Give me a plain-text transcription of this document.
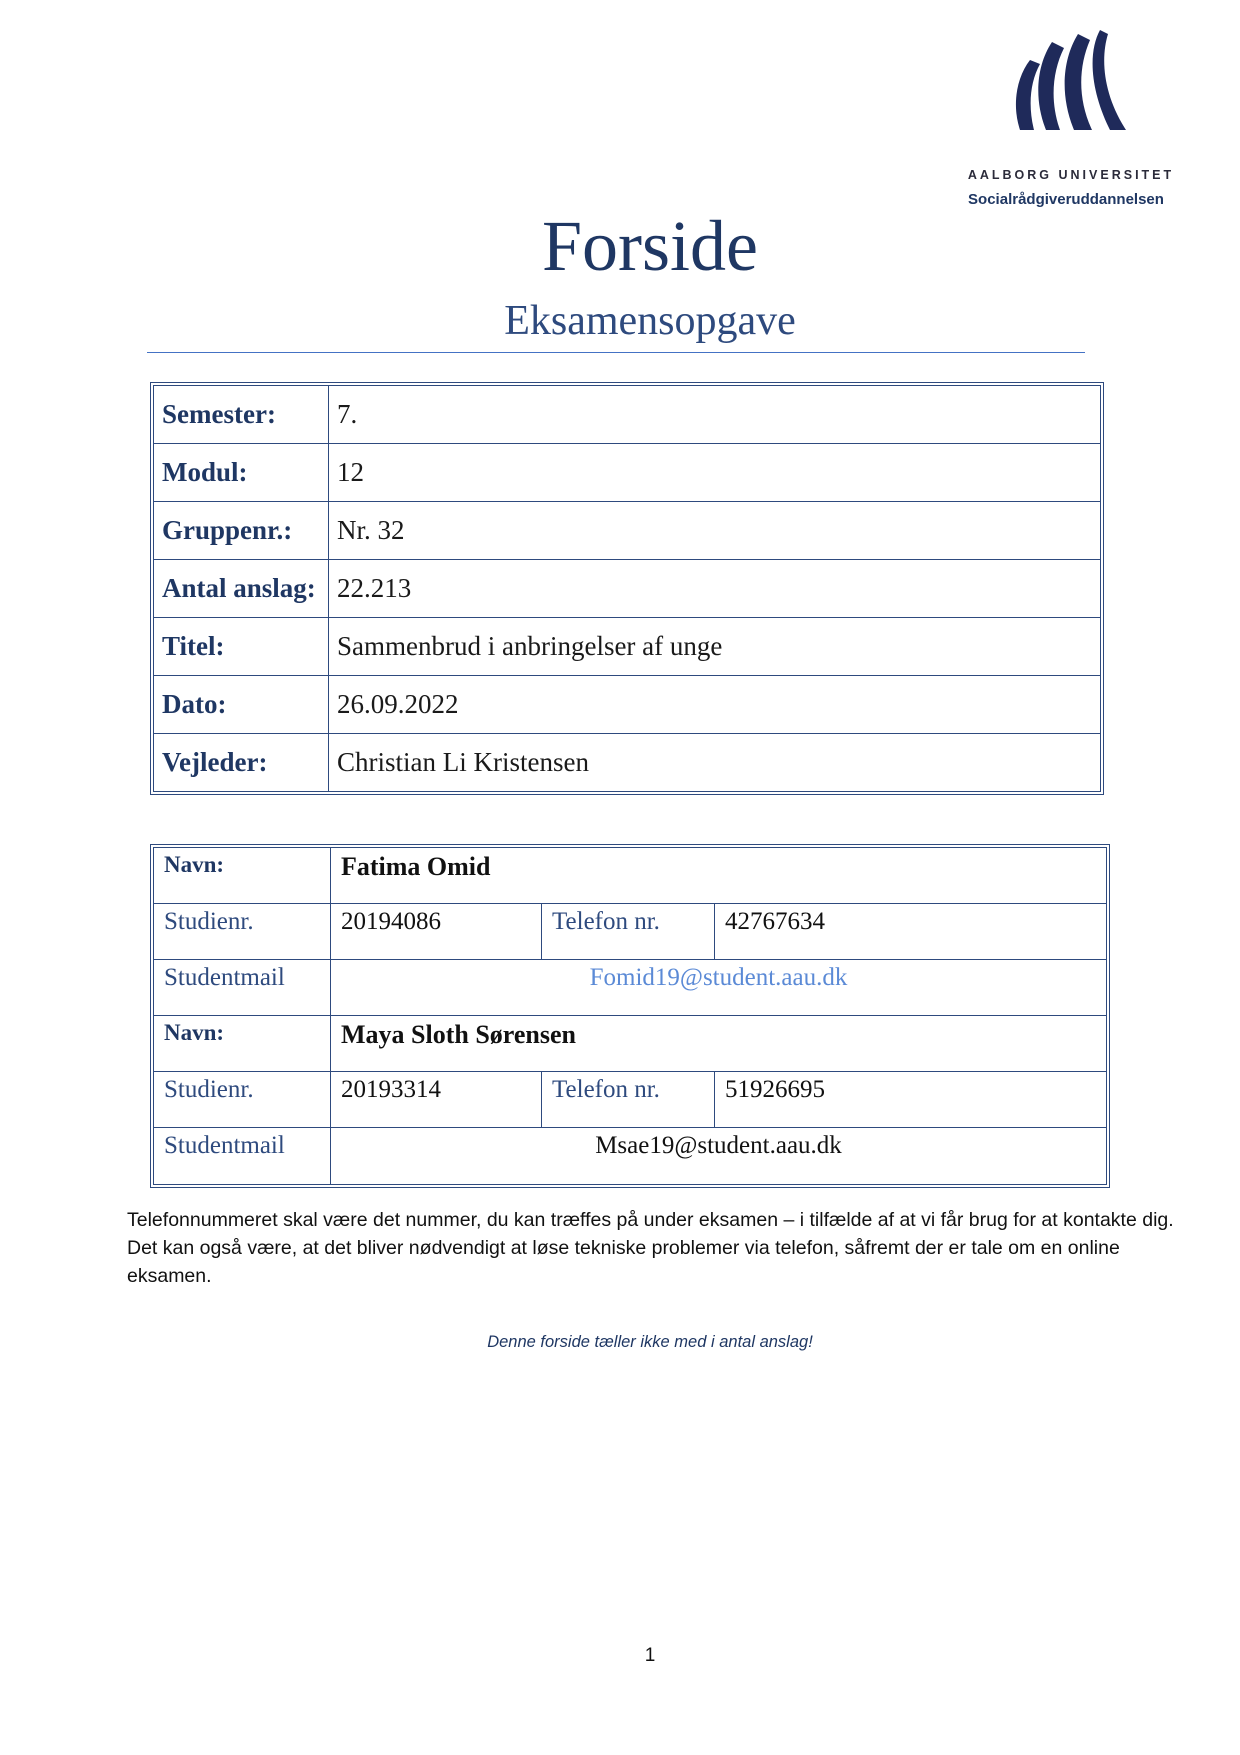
AALBORG UNIVERSITET
Socialrådgiveruddannelsen
Forside
Eksamensopgave
Semester:	7.
Modul:	12
Gruppenr.:	Nr. 32
Antal anslag:	22.213
Titel:	Sammenbrud i anbringelser af unge
Dato:	26.09.2022
Vejleder:	Christian Li Kristensen
Navn:	Fatima Omid		
Studienr.	20194086	Telefon nr.	42767634
Studentmail	Fomid19@student.aau.dk		
Navn:	Maya Sloth Sørensen		
Studienr.	20193314	Telefon nr.	51926695
Studentmail	Msae19@student.aau.dk		
Telefonnummeret skal være det nummer, du kan træffes på under eksamen – i tilfælde af at vi får brug for at kontakte dig. Det kan også være, at det bliver nødvendigt at løse tekniske problemer via telefon, såfremt der er tale om en online eksamen.
Denne forside tæller ikke med i antal anslag!
1
